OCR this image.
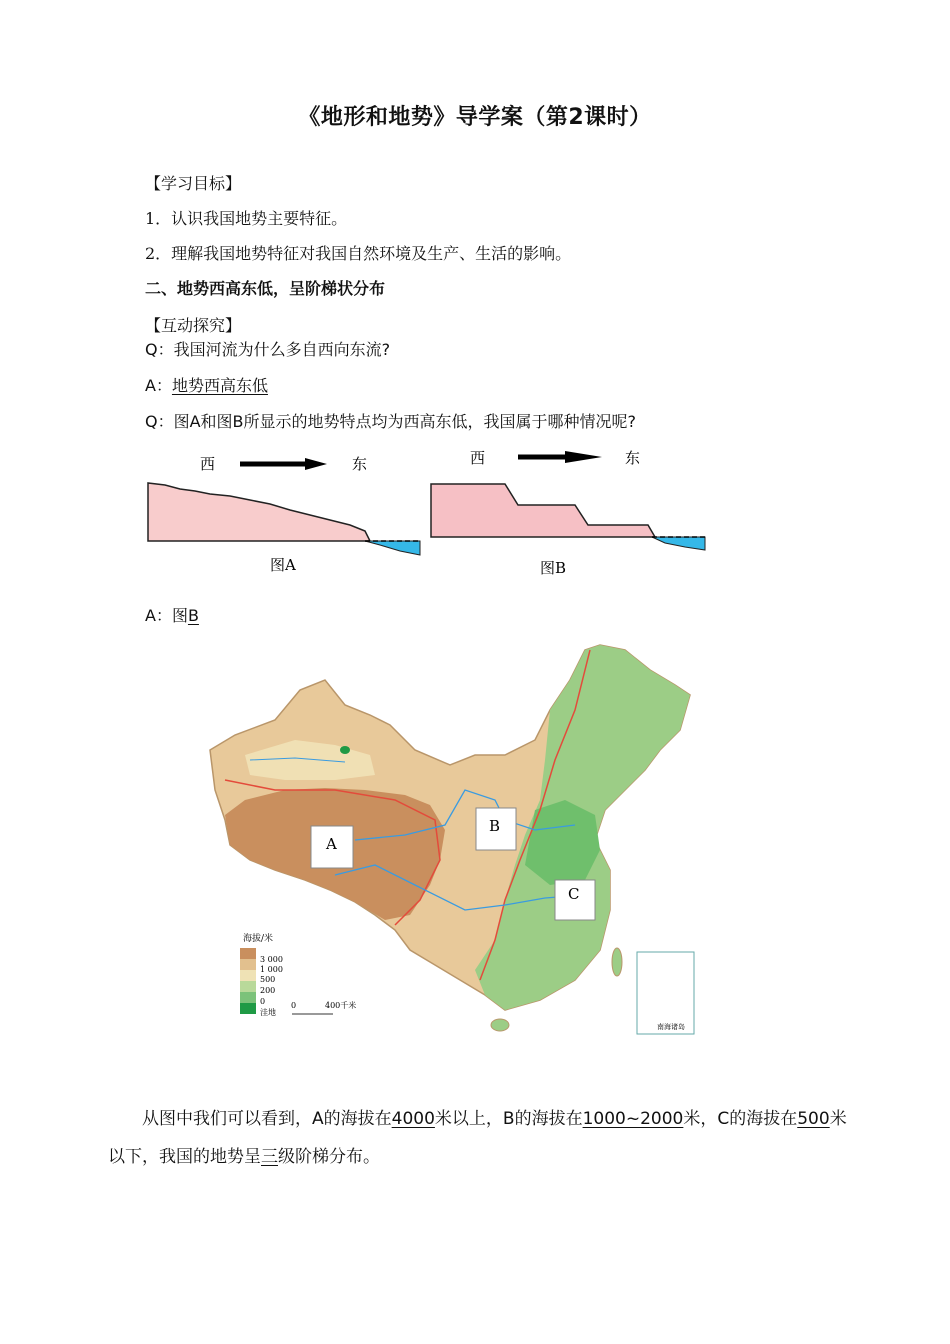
《地形和地势》导学案（第2课时）
【学习目标】
1．认识我国地势主要特征。
2．理解我国地势特征对我国自然环境及生产、生活的影响。
二、地势西高东低，呈阶梯状分布
【互动探究】
Q：我国河流为什么多自西向东流?
A：地势西高东低
Q：图A和图B所显示的地势特点均为西高东低，我国属于哪种情况呢?
西	东
图A
西	东
图B
A：图B
A
B
C
海拔/米
3 000
1 000
500
200
0
洼地
0	400千米
南海诸岛
从图中我们可以看到，A的海拔在4000米以上，B的海拔在1000~2000米，C的海拔在500米以下，我国的地势呈三级阶梯分布。
